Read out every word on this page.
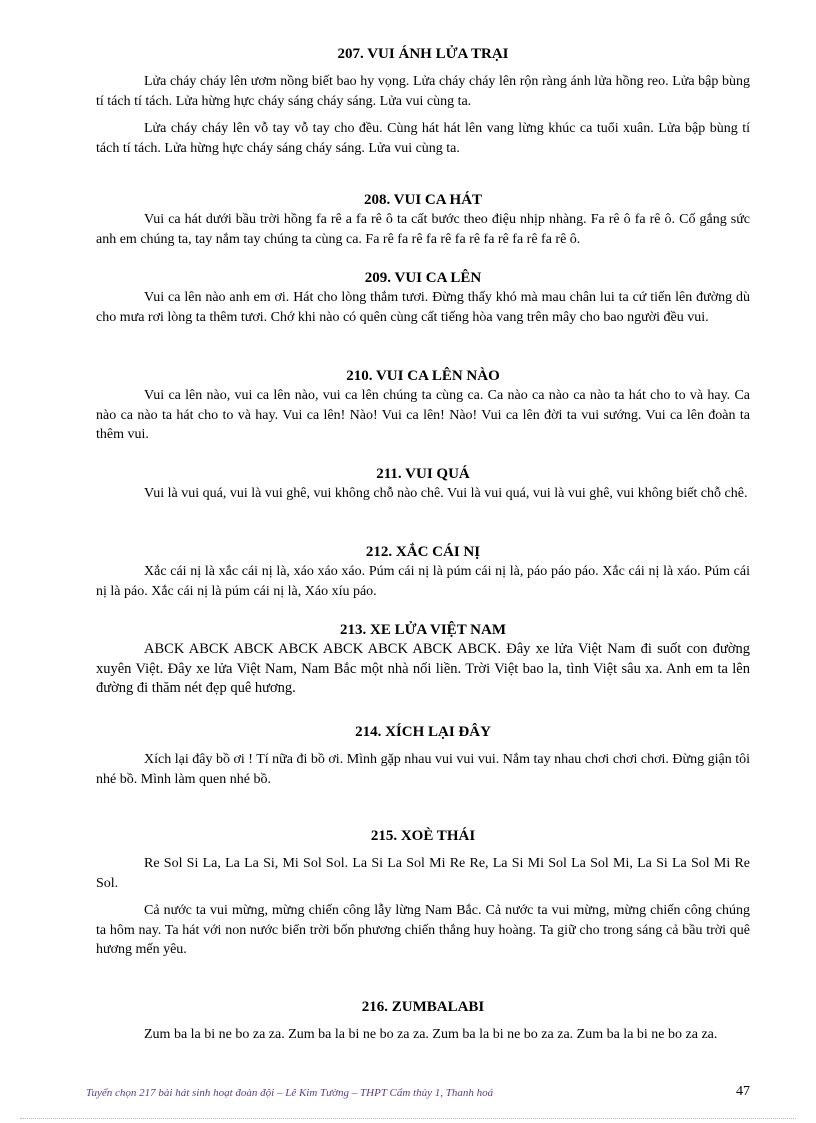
207. VUI ÁNH LỬA TRẠI

Lửa cháy cháy lên ươm nồng biết bao hy vọng. Lửa cháy cháy lên rộn ràng ánh lửa hồng reo. Lửa bập bùng tí tách tí tách. Lửa hừng hực cháy sáng cháy sáng. Lửa vui cùng ta.

Lửa cháy cháy lên vỗ tay vỗ tay cho đều. Cùng hát hát lên vang lừng khúc ca tuổi xuân. Lửa bập bùng tí tách tí tách. Lửa hừng hực cháy sáng cháy sáng. Lửa vui cùng ta.

208. VUI CA HÁT

Vui ca hát dưới bầu trời hồng fa rê a fa rê ô ta cất bước theo điệu nhịp nhàng. Fa rê ô fa rê ô. Cố gắng sức anh em chúng ta, tay nắm tay chúng ta cùng ca. Fa rê fa rê fa rê fa rê fa rê fa rê fa rê ô.

209. VUI CA LÊN

Vui ca lên nào anh em ơi. Hát cho lòng thắm tươi. Đừng thấy khó mà mau chân lui ta cứ tiến lên đường dù cho mưa rơi lòng ta thêm tươi. Chớ khi nào có quên cùng cất tiếng hòa vang trên mây cho bao người đều vui.

210. VUI CA LÊN NÀO

Vui ca lên nào, vui ca lên nào, vui ca lên chúng ta cùng ca. Ca nào ca nào ca nào ta hát cho to và hay. Ca nào ca nào ta hát cho to và hay. Vui ca lên! Nào! Vui ca lên! Nào! Vui ca lên đời ta vui sướng. Vui ca lên đoàn ta thêm vui.

211. VUI QUÁ

Vui là vui quá, vui là vui ghê, vui không chỗ nào chê. Vui là vui quá, vui là vui ghê, vui không biết chỗ chê.

212. XẮC CÁI NỊ

Xắc cái nị là xắc cái nị là, xáo xáo xáo. Púm cái nị là púm cái nị là, páo páo páo. Xắc cái nị là xáo. Púm cái nị là páo. Xắc cái nị là púm cái nị là, Xáo xíu páo.

213. XE LỬA VIỆT NAM

ABCK ABCK ABCK ABCK ABCK ABCK ABCK ABCK. Đây xe lửa Việt Nam đi suốt con đường xuyên Việt. Đây xe lửa Việt Nam, Nam Bắc một nhà nối liền. Trời Việt bao la, tình Việt sâu xa. Anh em ta lên đường đi thăm nét đẹp quê hương.

214. XÍCH LẠI ĐÂY

Xích lại đây bồ ơi ! Tí nữa đi bồ ơi. Mình gặp nhau vui vui vui. Nắm tay nhau chơi chơi chơi. Đừng giận tôi nhé bồ. Mình làm quen nhé bồ.

215. XOÈ THÁI

Re Sol Si La, La La Si, Mi Sol Sol. La Si La Sol Mi Re Re, La Si Mi Sol La Sol Mi, La Si La Sol Mi Re Sol.

Cả nước ta vui mừng, mừng chiến công lẫy lừng Nam Bắc. Cả nước ta vui mừng, mừng chiến công chúng ta hôm nay. Ta hát với non nước biển trời bốn phương chiến thắng huy hoàng. Ta giữ cho trong sáng cả bầu trời quê hương mến yêu.

216. ZUMBALABI

Zum ba la bi ne bo za za. Zum ba la bi ne bo za za. Zum ba la bi ne bo za za. Zum ba la bi ne bo za za.

Tuyển chọn 217 bài hát sinh hoạt đoàn đội – Lê Kim Tường – THPT Cẩm thủy 1, Thanh hoá	47
